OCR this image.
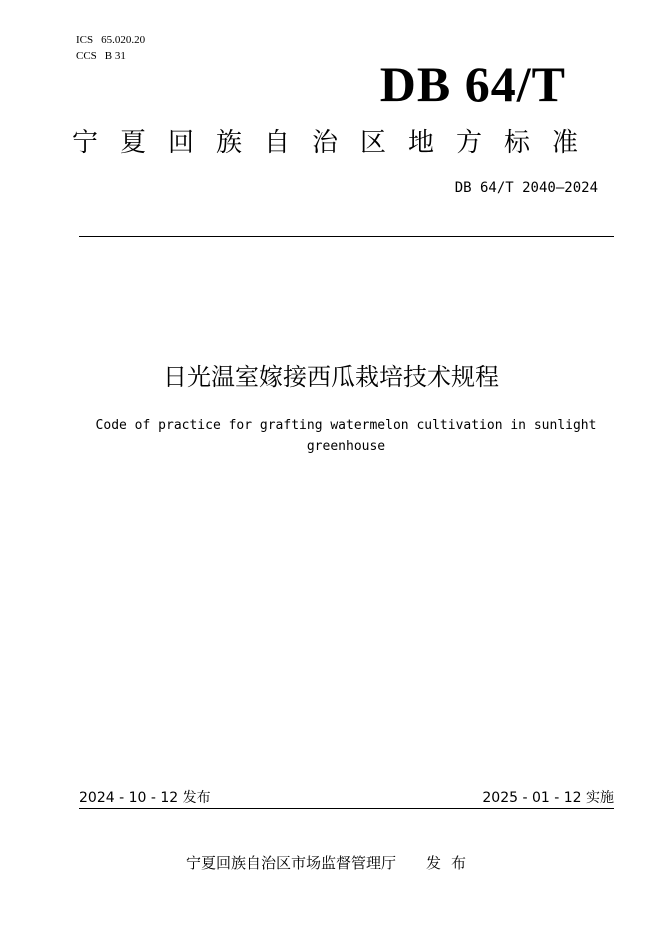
ICS 65.020.20
CCS B 31	DB 64/T
宁夏回族自治区地方标准
DB 64/T 2040—2024
日光温室嫁接西瓜栽培技术规程
Code of practice for grafting watermelon cultivation in sunlight greenhouse
2024 - 10 - 12 发布	2025 - 01 - 12 实施
宁夏回族自治区市场监督管理厅 发布
